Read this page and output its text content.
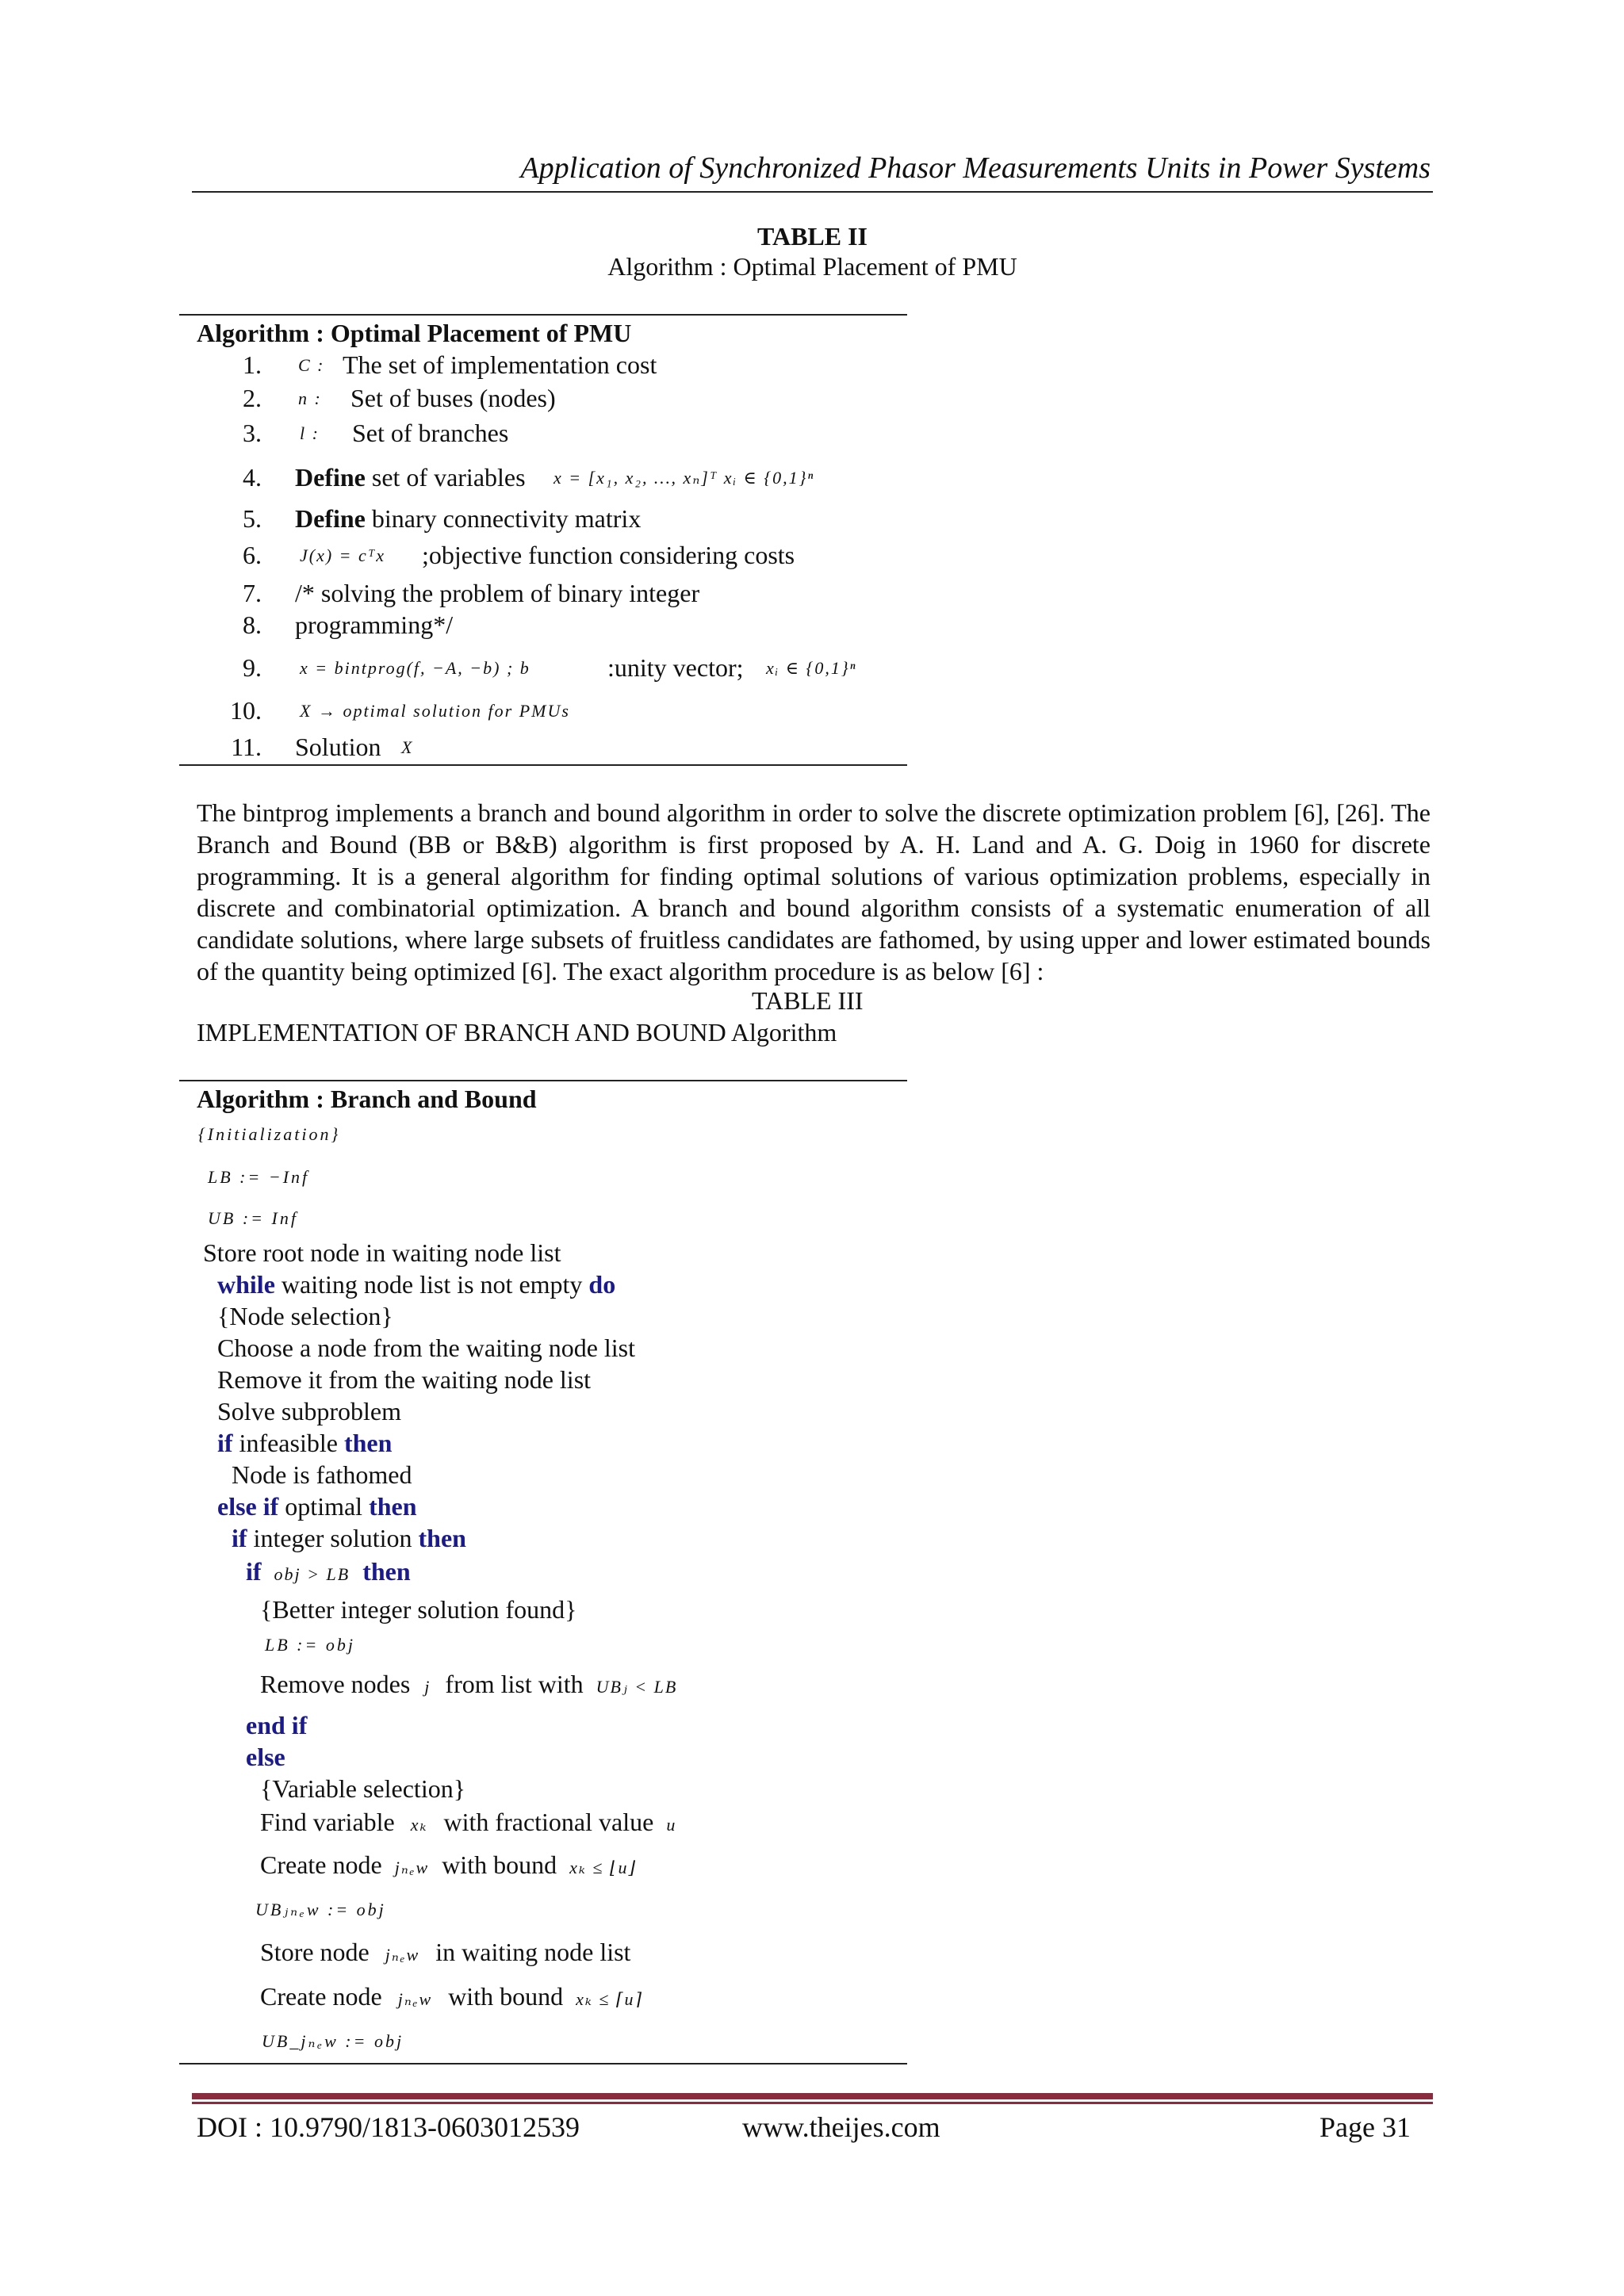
Application of Synchronized Phasor Measurements Units in Power Systems
TABLE II
Algorithm : Optimal Placement of PMU
Algorithm : Optimal Placement of PMU
1. C : The set of implementation cost
2. n : Set of buses (nodes)
3. l : Set of branches
4. Define set of variables x = [x₁, x₂, …, xₙ]ᵀ xᵢ ∈ {0,1}ⁿ
5. Define binary connectivity matrix
6. J(x) = cᵀx ;objective function considering costs
7. /* solving the problem of binary integer
8. programming*/
9. x = bintprog(f, −A, −b) ; b	:unity vector; xᵢ ∈ {0,1}ⁿ
10. X → optimal solution for PMUs
11. Solution X
The bintprog implements a branch and bound algorithm in order to solve the discrete optimization problem [6], [26]. The Branch and Bound (BB or B&B) algorithm is first proposed by A. H. Land and A. G. Doig in 1960 for discrete programming. It is a general algorithm for finding optimal solutions of various optimization problems, especially in discrete and combinatorial optimization. A branch and bound algorithm consists of a systematic enumeration of all candidate solutions, where large subsets of fruitless candidates are fathomed, by using upper and lower estimated bounds of the quantity being optimized [6]. The exact algorithm procedure is as below [6] :
TABLE III
IMPLEMENTATION OF BRANCH AND BOUND Algorithm
Algorithm : Branch and Bound
{Initialization}
LB := −Inf
UB := Inf
Store root node in waiting node list
while waiting node list is not empty do
{Node selection}
Choose a node from the waiting node list
Remove it from the waiting node list
Solve subproblem
if infeasible then
Node is fathomed
else if optimal then
if integer solution then
if obj > LB then
{Better integer solution found}
LB := obj
Remove nodes j from list with UBⱼ < LB
end if
else
{Variable selection}
Find variable xₖ with fractional value u
Create node jₙₑw with bound xₖ ≤ ⌊u⌋
UBⱼₙₑw := obj
Store node jₙₑw in waiting node list
Create node jₙₑw with bound xₖ ≤ ⌈u⌉
UB_jₙₑw := obj
DOI : 10.9790/1813-0603012539	www.theijes.com	Page 31
